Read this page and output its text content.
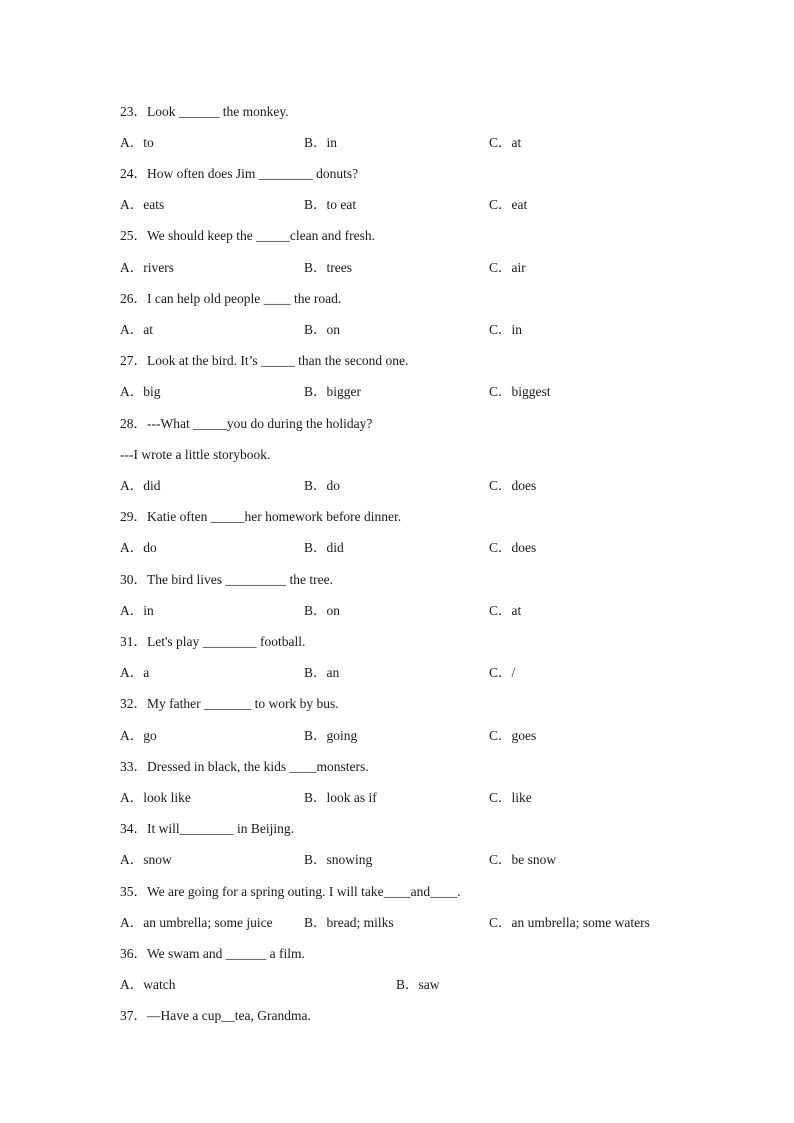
23．Look ______ the monkey.
A．to	B．in	C．at
24．How often does Jim ________ donuts?
A．eats	B．to eat	C．eat
25．We should keep the _____clean and fresh.
A．rivers	B．trees	C．air
26．I can help old people ____ the road.
A．at	B．on	C．in
27．Look at the bird. It’s _____ than the second one.
A．big	B．bigger	C．biggest
28．---What _____you do during the holiday?
---I wrote a little storybook.
A．did	B．do	C．does
29．Katie often _____her homework before dinner.
A．do	B．did	C．does
30．The bird lives _________ the tree.
A．in	B．on	C．at
31．Let's play ________ football.
A．a	B．an	C．/
32．My father _______ to work by bus.
A．go	B．going	C．goes
33．Dressed in black, the kids ____monsters.
A．look like	B．look as if	C．like
34．It will________ in Beijing.
A．snow	B．snowing	C．be snow
35．We are going for a spring outing. I will take____and____.
A．an umbrella; some juice B．bread; milks	C．an umbrella; some waters
36．We swam and ______ a film.
A．watch	B．saw
37．—Have a cup__tea, Grandma.
